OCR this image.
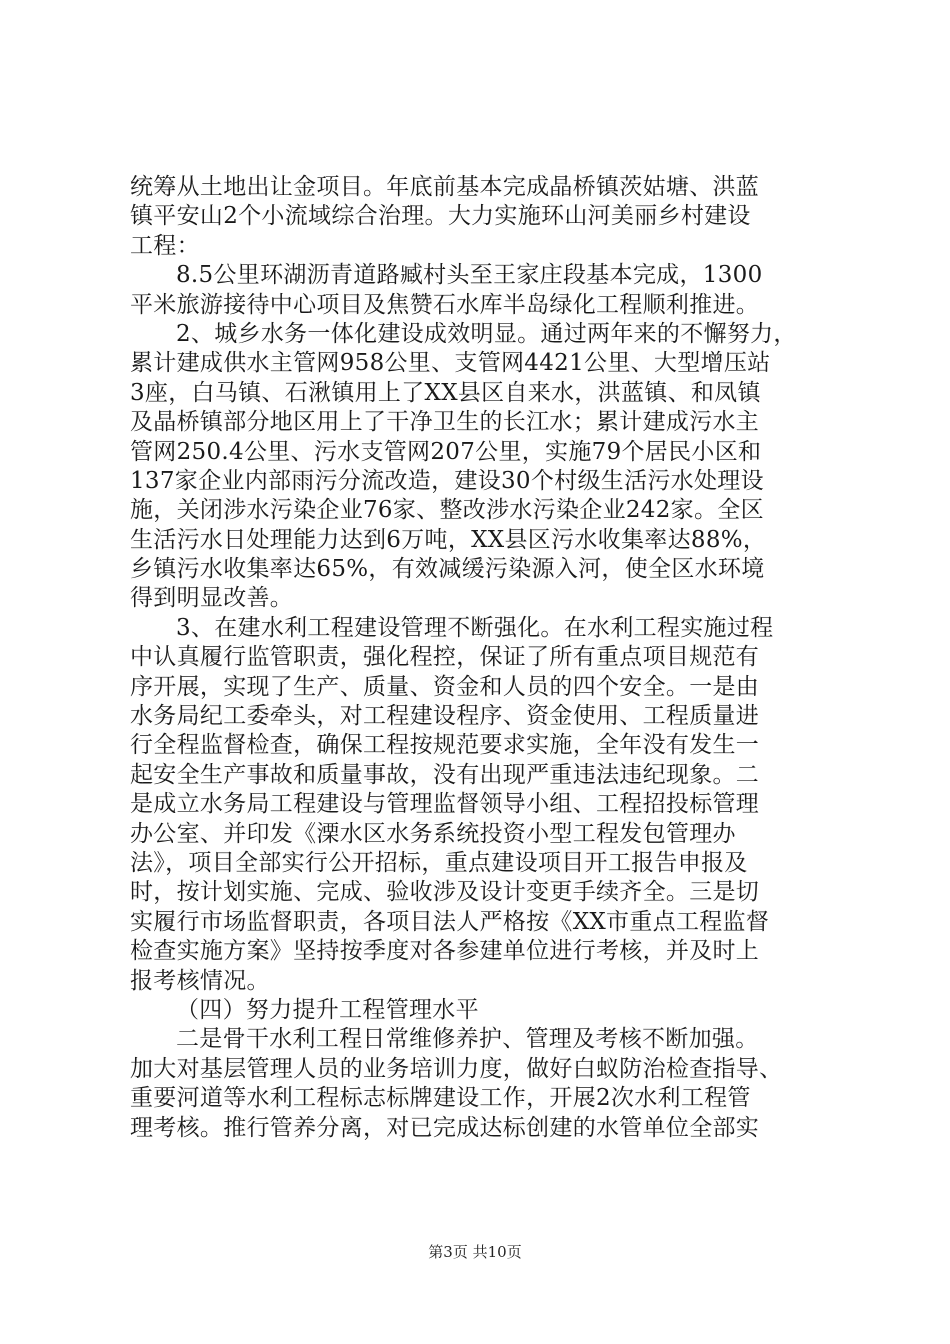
统筹从土地出让金项目。年底前基本完成晶桥镇茨姑塘、洪蓝
镇平安山2个小流域综合治理。大力实施环山河美丽乡村建设
工程：
8.5公里环湖沥青道路臧村头至王家庄段基本完成，1300
平米旅游接待中心项目及焦赞石水库半岛绿化工程顺利推进。
2、城乡水务一体化建设成效明显。通过两年来的不懈努力，
累计建成供水主管网958公里、支管网4421公里、大型增压站
3座，白马镇、石湫镇用上了XX县区自来水，洪蓝镇、和凤镇
及晶桥镇部分地区用上了干净卫生的长江水；累计建成污水主
管网250.4公里、污水支管网207公里，实施79个居民小区和
137家企业内部雨污分流改造，建设30个村级生活污水处理设
施，关闭涉水污染企业76家、整改涉水污染企业242家。全区
生活污水日处理能力达到6万吨，XX县区污水收集率达88%，
乡镇污水收集率达65%，有效减缓污染源入河，使全区水环境
得到明显改善。
3、在建水利工程建设管理不断强化。在水利工程实施过程
中认真履行监管职责，强化程控，保证了所有重点项目规范有
序开展，实现了生产、质量、资金和人员的四个安全。一是由
水务局纪工委牵头，对工程建设程序、资金使用、工程质量进
行全程监督检查，确保工程按规范要求实施，全年没有发生一
起安全生产事故和质量事故，没有出现严重违法违纪现象。二
是成立水务局工程建设与管理监督领导小组、工程招投标管理
办公室、并印发《溧水区水务系统投资小型工程发包管理办
法》，项目全部实行公开招标，重点建设项目开工报告申报及
时，按计划实施、完成、验收涉及设计变更手续齐全。三是切
实履行市场监督职责，各项目法人严格按《XX市重点工程监督
检查实施方案》坚持按季度对各参建单位进行考核，并及时上
报考核情况。
（四）努力提升工程管理水平
二是骨干水利工程日常维修养护、管理及考核不断加强。
加大对基层管理人员的业务培训力度，做好白蚁防治检查指导、
重要河道等水利工程标志标牌建设工作，开展2次水利工程管
理考核。推行管养分离，对已完成达标创建的水管单位全部实
第3页 共10页
